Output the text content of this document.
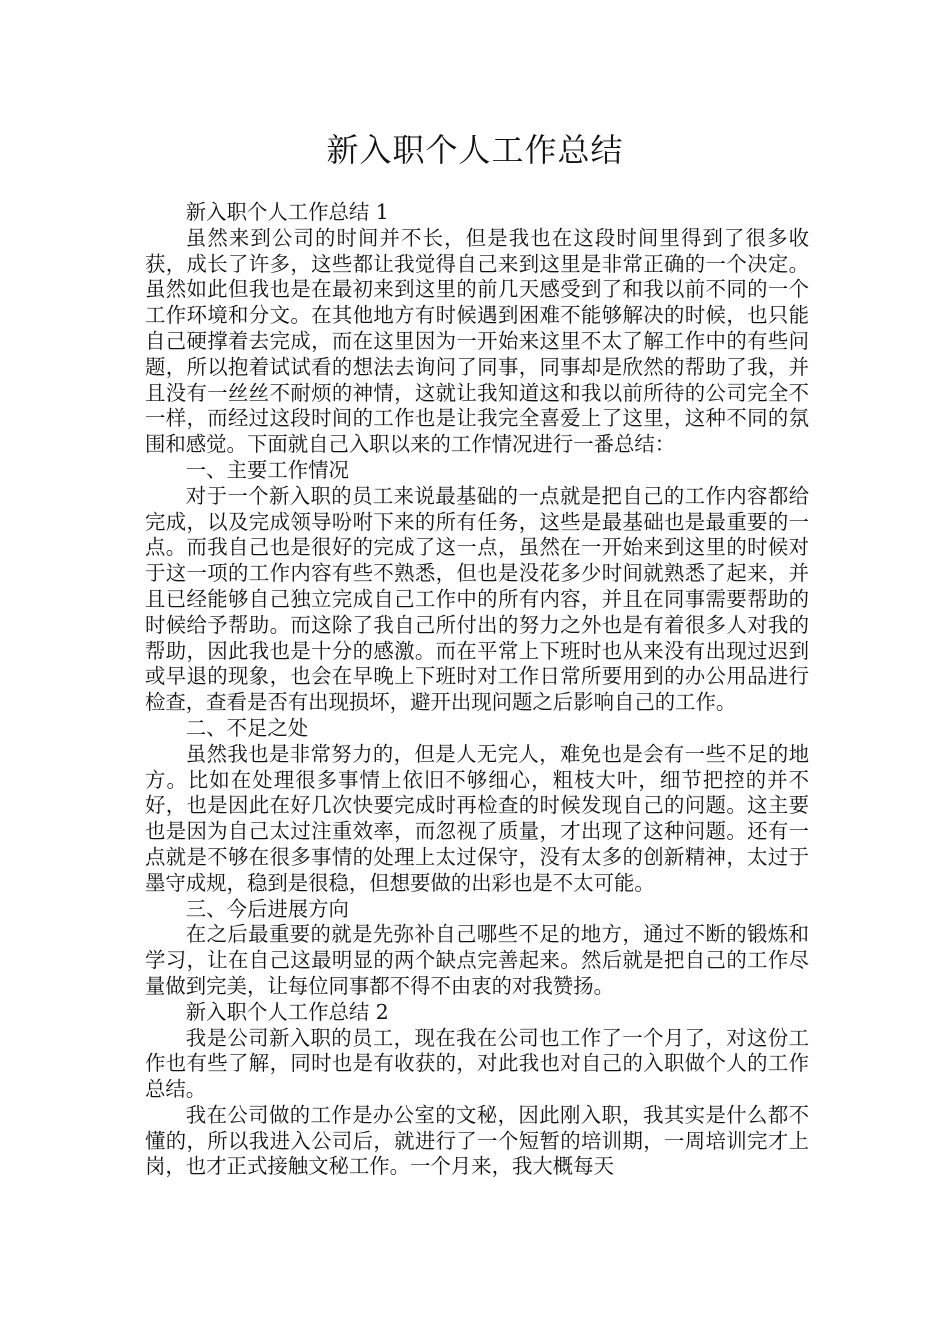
新入职个人工作总结

新入职个人工作总结 1

虽然来到公司的时间并不长，但是我也在这段时间里得到了很多收获，成长了许多，这些都让我觉得自己来到这里是非常正确的一个决定。虽然如此但我也是在最初来到这里的前几天感受到了和我以前不同的一个工作环境和分文。在其他地方有时候遇到困难不能够解决的时候，也只能自己硬撑着去完成，而在这里因为一开始来这里不太了解工作中的有些问题，所以抱着试试看的想法去询问了同事，同事却是欣然的帮助了我，并且没有一丝丝不耐烦的神情，这就让我知道这和我以前所待的公司完全不一样，而经过这段时间的工作也是让我完全喜爱上了这里，这种不同的氛围和感觉。下面就自己入职以来的工作情况进行一番总结：

一、主要工作情况

对于一个新入职的员工来说最基础的一点就是把自己的工作内容都给完成，以及完成领导吩咐下来的所有任务，这些是最基础也是最重要的一点。而我自己也是很好的完成了这一点，虽然在一开始来到这里的时候对于这一项的工作内容有些不熟悉，但也是没花多少时间就熟悉了起来，并且已经能够自己独立完成自己工作中的所有内容，并且在同事需要帮助的时候给予帮助。而这除了我自己所付出的努力之外也是有着很多人对我的帮助，因此我也是十分的感激。而在平常上下班时也从来没有出现过迟到或早退的现象，也会在早晚上下班时对工作日常所要用到的办公用品进行检查，查看是否有出现损坏，避开出现问题之后影响自己的工作。

二、不足之处

虽然我也是非常努力的，但是人无完人，难免也是会有一些不足的地方。比如在处理很多事情上依旧不够细心，粗枝大叶，细节把控的并不好，也是因此在好几次快要完成时再检查的时候发现自己的问题。这主要也是因为自己太过注重效率，而忽视了质量，才出现了这种问题。还有一点就是不够在很多事情的处理上太过保守，没有太多的创新精神，太过于墨守成规，稳到是很稳，但想要做的出彩也是不太可能。

三、今后进展方向

在之后最重要的就是先弥补自己哪些不足的地方，通过不断的锻炼和学习，让在自己这最明显的两个缺点完善起来。然后就是把自己的工作尽量做到完美，让每位同事都不得不由衷的对我赞扬。

新入职个人工作总结 2

我是公司新入职的员工，现在我在公司也工作了一个月了，对这份工作也有些了解，同时也是有收获的，对此我也对自己的入职做个人的工作总结。

我在公司做的工作是办公室的文秘，因此刚入职，我其实是什么都不懂的，所以我进入公司后，就进行了一个短暂的培训期，一周培训完才上岗，也才正式接触文秘工作。一个月来，我大概每天
